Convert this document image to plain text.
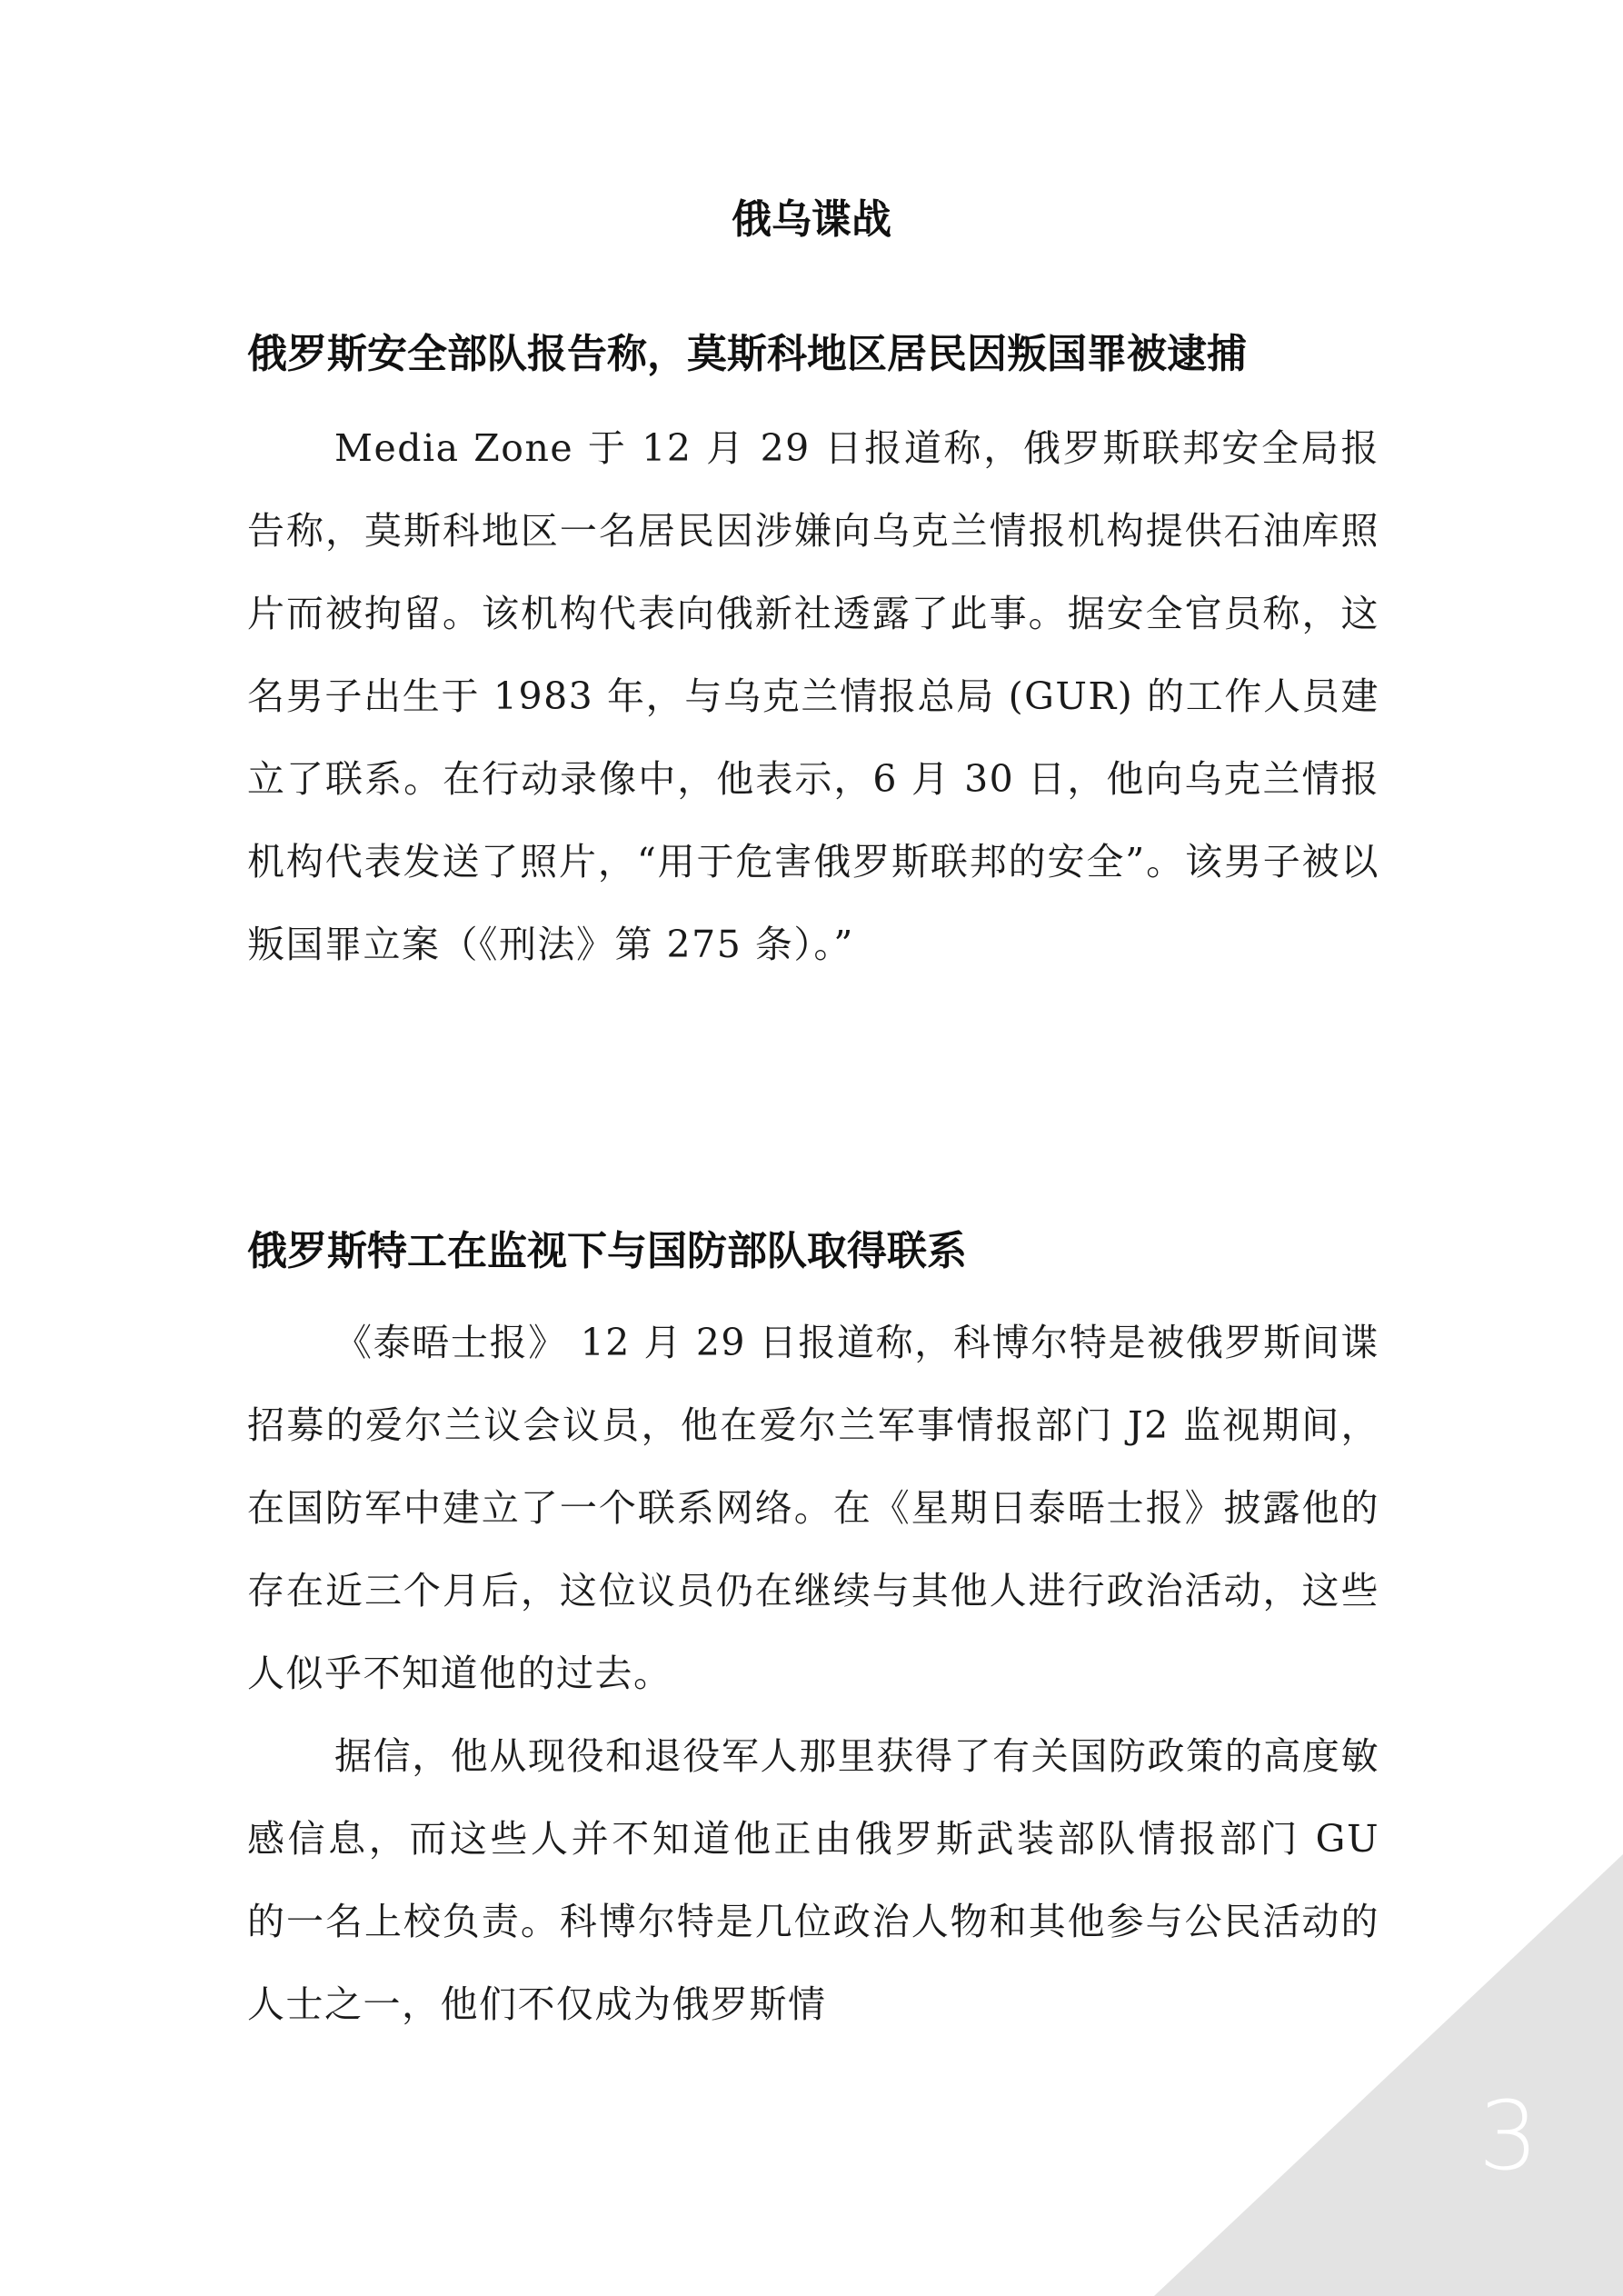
俄乌谍战
俄罗斯安全部队报告称，莫斯科地区居民因叛国罪被逮捕

Media Zone 于 12 月 29 日报道称，俄罗斯联邦安全局报告称，莫斯科地区一名居民因涉嫌向乌克兰情报机构提供石油库照片而被拘留。该机构代表向俄新社透露了此事。据安全官员称，这名男子出生于 1983 年，与乌克兰情报总局 (GUR) 的工作人员建立了联系。在行动录像中，他表示，6 月 30 日，他向乌克兰情报机构代表发送了照片，“用于危害俄罗斯联邦的安全”。该男子被以叛国罪立案（《刑法》第 275 条）。”

俄罗斯特工在监视下与国防部队取得联系

《泰晤士报》 12 月 29 日报道称，科博尔特是被俄罗斯间谍招募的爱尔兰议会议员，他在爱尔兰军事情报部门 J2 监视期间，在国防军中建立了一个联系网络。在《星期日泰晤士报》披露他的存在近三个月后，这位议员仍在继续与其他人进行政治活动，这些人似乎不知道他的过去。

据信，他从现役和退役军人那里获得了有关国防政策的高度敏感信息，而这些人并不知道他正由俄罗斯武装部队情报部门 GU 的一名上校负责。科博尔特是几位政治人物和其他参与公民活动的人士之一，他们不仅成为俄罗斯情

3
